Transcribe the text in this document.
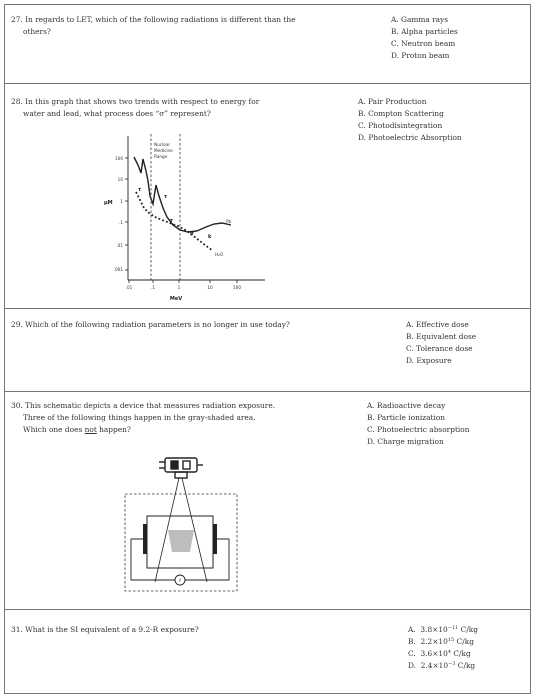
27. In regards to LET, which of the following radiations is different than the
others?
A. Gamma rays
B. Alpha particles
C. Neutron beam
D. Proton beam
28. In this graph that shows two trends with respect to energy for
water and lead, what process does “σ” represent?
A. Pair Production
B. Compton Scattering
C. Photodisintegration
D. Photoelectric Absorption
100
10
1
.1
.01
.001
.01	.1	1	10	100
MeV
μM
Nuclear
Medicine
Range
τ
τ
σ
σ
Pb
k
H₂O
29. Which of the following radiation parameters is no longer in use today?	A. Effective dose
B. Equivalent dose
C. Tolerance dose
D. Exposure
30. This schematic depicts a device that measures radiation exposure.
Three of the following things happen in the gray-shaded area.
Which one does not happen?
A. Radioactive decay
B. Particle ionization
C. Photoelectric absorption
D. Charge migration
i
31. What is the SI equivalent of a 9.2-R exposure?	A. $3.8\times 10^{-11}$ C/kg
B. $2.2\times 10^{15}$ C/kg
C. $3.6\times 10^4$ C/kg
D. $2.4\times 10^{-3}$ C/kg
